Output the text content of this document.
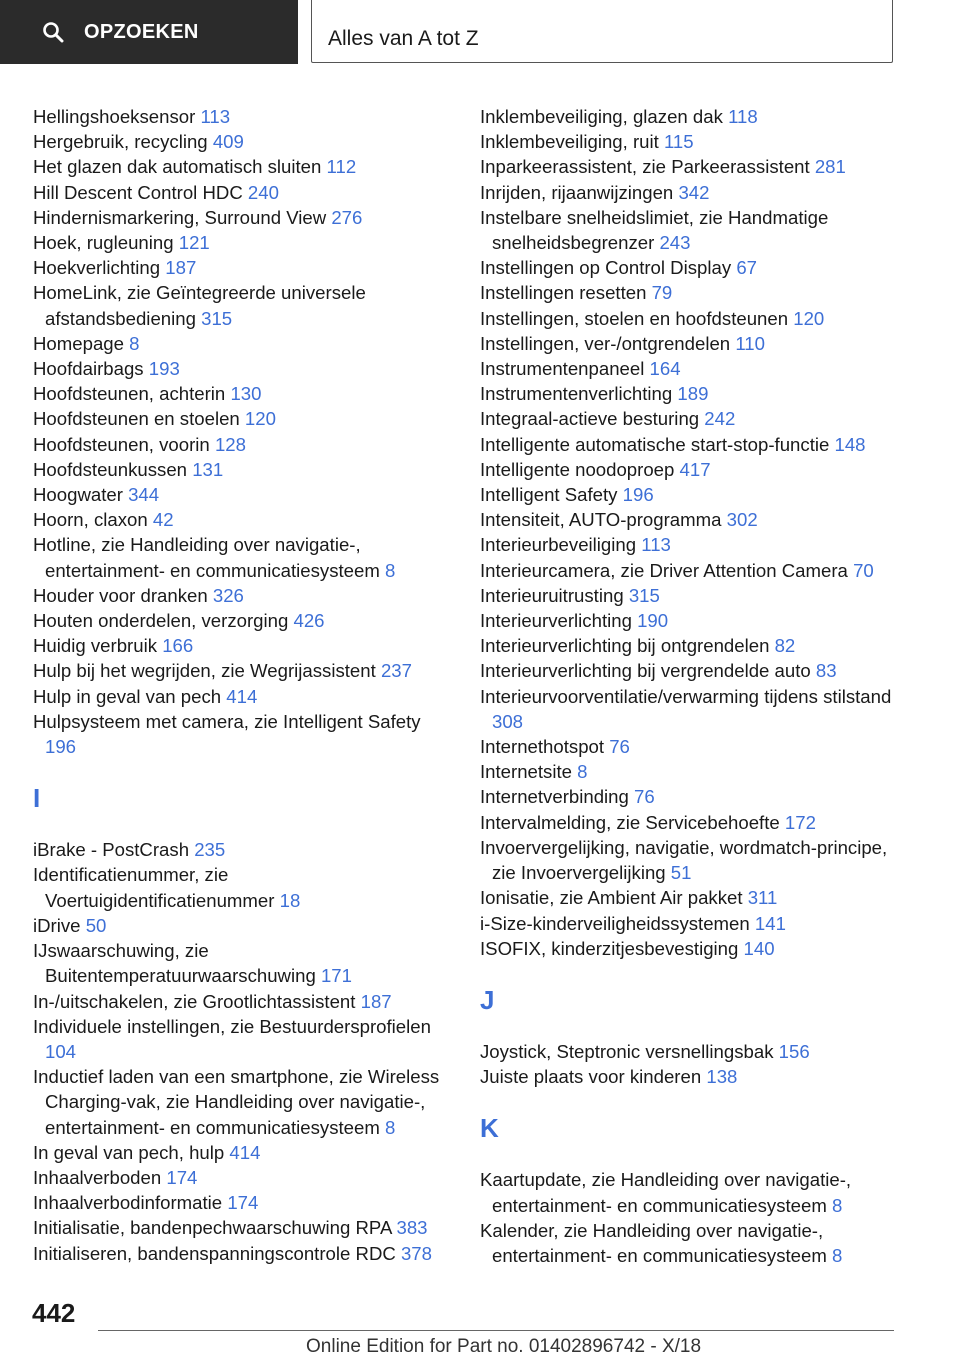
OPZOEKEN	Alles van A tot Z
Hellingshoeksensor 113
Hergebruik, recycling 409
Het glazen dak automatisch sluiten 112
Hill Descent Control HDC 240
Hindernismarkering, Surround View 276
Hoek, rugleuning 121
Hoekverlichting 187
HomeLink, zie Geïntegreerde universele afstandsbediening 315
Homepage 8
Hoofdairbags 193
Hoofdsteunen, achterin 130
Hoofdsteunen en stoelen 120
Hoofdsteunen, voorin 128
Hoofdsteunkussen 131
Hoogwater 344
Hoorn, claxon 42
Hotline, zie Handleiding over navigatie-, entertainment- en communicatiesysteem 8
Houder voor dranken 326
Houten onderdelen, verzorging 426
Huidig verbruik 166
Hulp bij het wegrijden, zie Wegrijassistent 237
Hulp in geval van pech 414
Hulpsysteem met camera, zie Intelligent Safety 196
I
iBrake - PostCrash 235
Identificatienummer, zie Voertuigidentificatienummer 18
iDrive 50
IJswaarschuwing, zie Buitentemperatuurwaarschuwing 171
In-/uitschakelen, zie Grootlichtassistent 187
Individuele instellingen, zie Bestuurdersprofielen 104
Inductief laden van een smartphone, zie Wireless Charging-vak, zie Handleiding over navigatie-, entertainment- en communicatiesysteem 8
In geval van pech, hulp 414
Inhaalverboden 174
Inhaalverbodinformatie 174
Initialisatie, bandenpechwaarschuwing RPA 383
Initialiseren, bandenspanningscontrole RDC 378
Inklembeveiliging, glazen dak 118
Inklembeveiliging, ruit 115
Inparkeerassistent, zie Parkeerassistent 281
Inrijden, rijaanwijzingen 342
Instelbare snelheidslimiet, zie Handmatige snelheidsbegrenzer 243
Instellingen op Control Display 67
Instellingen resetten 79
Instellingen, stoelen en hoofdsteunen 120
Instellingen, ver-/ontgrendelen 110
Instrumentenpaneel 164
Instrumentenverlichting 189
Integraal-actieve besturing 242
Intelligente automatische start-stop-functie 148
Intelligente noodoproep 417
Intelligent Safety 196
Intensiteit, AUTO-programma 302
Interieurbeveiliging 113
Interieurcamera, zie Driver Attention Camera 70
Interieuruitrusting 315
Interieurverlichting 190
Interieurverlichting bij ontgrendelen 82
Interieurverlichting bij vergrendelde auto 83
Interieurvoorventilatie/verwarming tijdens stilstand 308
Internethotspot 76
Internetsite 8
Internetverbinding 76
Intervalmelding, zie Servicebehoefte 172
Invoervergelijking, navigatie, wordmatch-principe, zie Invoervergelijking 51
Ionisatie, zie Ambient Air pakket 311
i-Size-kinderveiligheidssystemen 141
ISOFIX, kinderzitjesbevestiging 140
J
Joystick, Steptronic versnellingsbak 156
Juiste plaats voor kinderen 138
K
Kaartupdate, zie Handleiding over navigatie-, entertainment- en communicatiesysteem 8
Kalender, zie Handleiding over navigatie-, entertainment- en communicatiesysteem 8
442
Online Edition for Part no. 01402896742 - X/18
